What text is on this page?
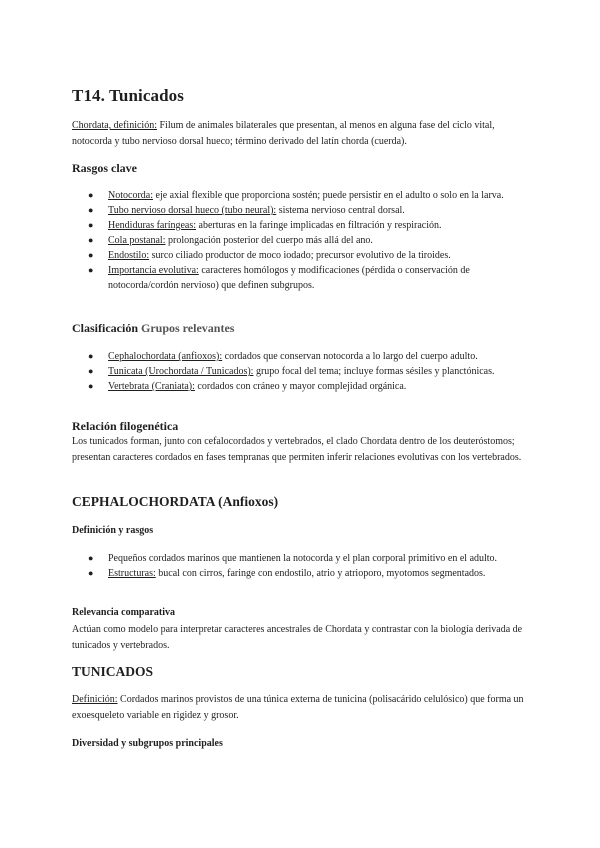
T14. Tunicados

Chordata, definición: Filum de animales bilaterales que presentan, al menos en alguna fase del ciclo vital, notocorda y tubo nervioso dorsal hueco; término derivado del latín chorda (cuerda).

Rasgos clave
● Notocorda: eje axial flexible que proporciona sostén; puede persistir en el adulto o solo en la larva.
● Tubo nervioso dorsal hueco (tubo neural): sistema nervioso central dorsal.
● Hendiduras faríngeas: aberturas en la faringe implicadas en filtración y respiración.
● Cola postanal: prolongación posterior del cuerpo más allá del ano.
● Endostilo: surco ciliado productor de moco iodado; precursor evolutivo de la tiroides.
● Importancia evolutiva: caracteres homólogos y modificaciones (pérdida o conservación de notocorda/cordón nervioso) que definen subgrupos.
Clasificación Grupos relevantes
● Cephalochordata (anfioxos): cordados que conservan notocorda a lo largo del cuerpo adulto.
● Tunicata (Urochordata / Tunicados): grupo focal del tema; incluye formas sésiles y planctónicas.
● Vertebrata (Craniata): cordados con cráneo y mayor complejidad orgánica.
Relación filogenética

Los tunicados forman, junto con cefalocordados y vertebrados, el clado Chordata dentro de los deuteróstomos; presentan caracteres cordados en fases tempranas que permiten inferir relaciones evolutivas con los vertebrados.

CEPHALOCHORDATA (Anfioxos)
Definición y rasgos
● Pequeños cordados marinos que mantienen la notocorda y el plan corporal primitivo en el adulto.
● Estructuras: bucal con cirros, faringe con endostilo, atrio y atrioporo, myotomos segmentados.
Relevancia comparativa

Actúan como modelo para interpretar caracteres ancestrales de Chordata y contrastar con la biología derivada de tunicados y vertebrados.

TUNICADOS

Definición: Cordados marinos provistos de una túnica externa de tunicina (polisacárido celulósico) que forma un exoesqueleto variable en rigidez y grosor.

Diversidad y subgrupos principales
